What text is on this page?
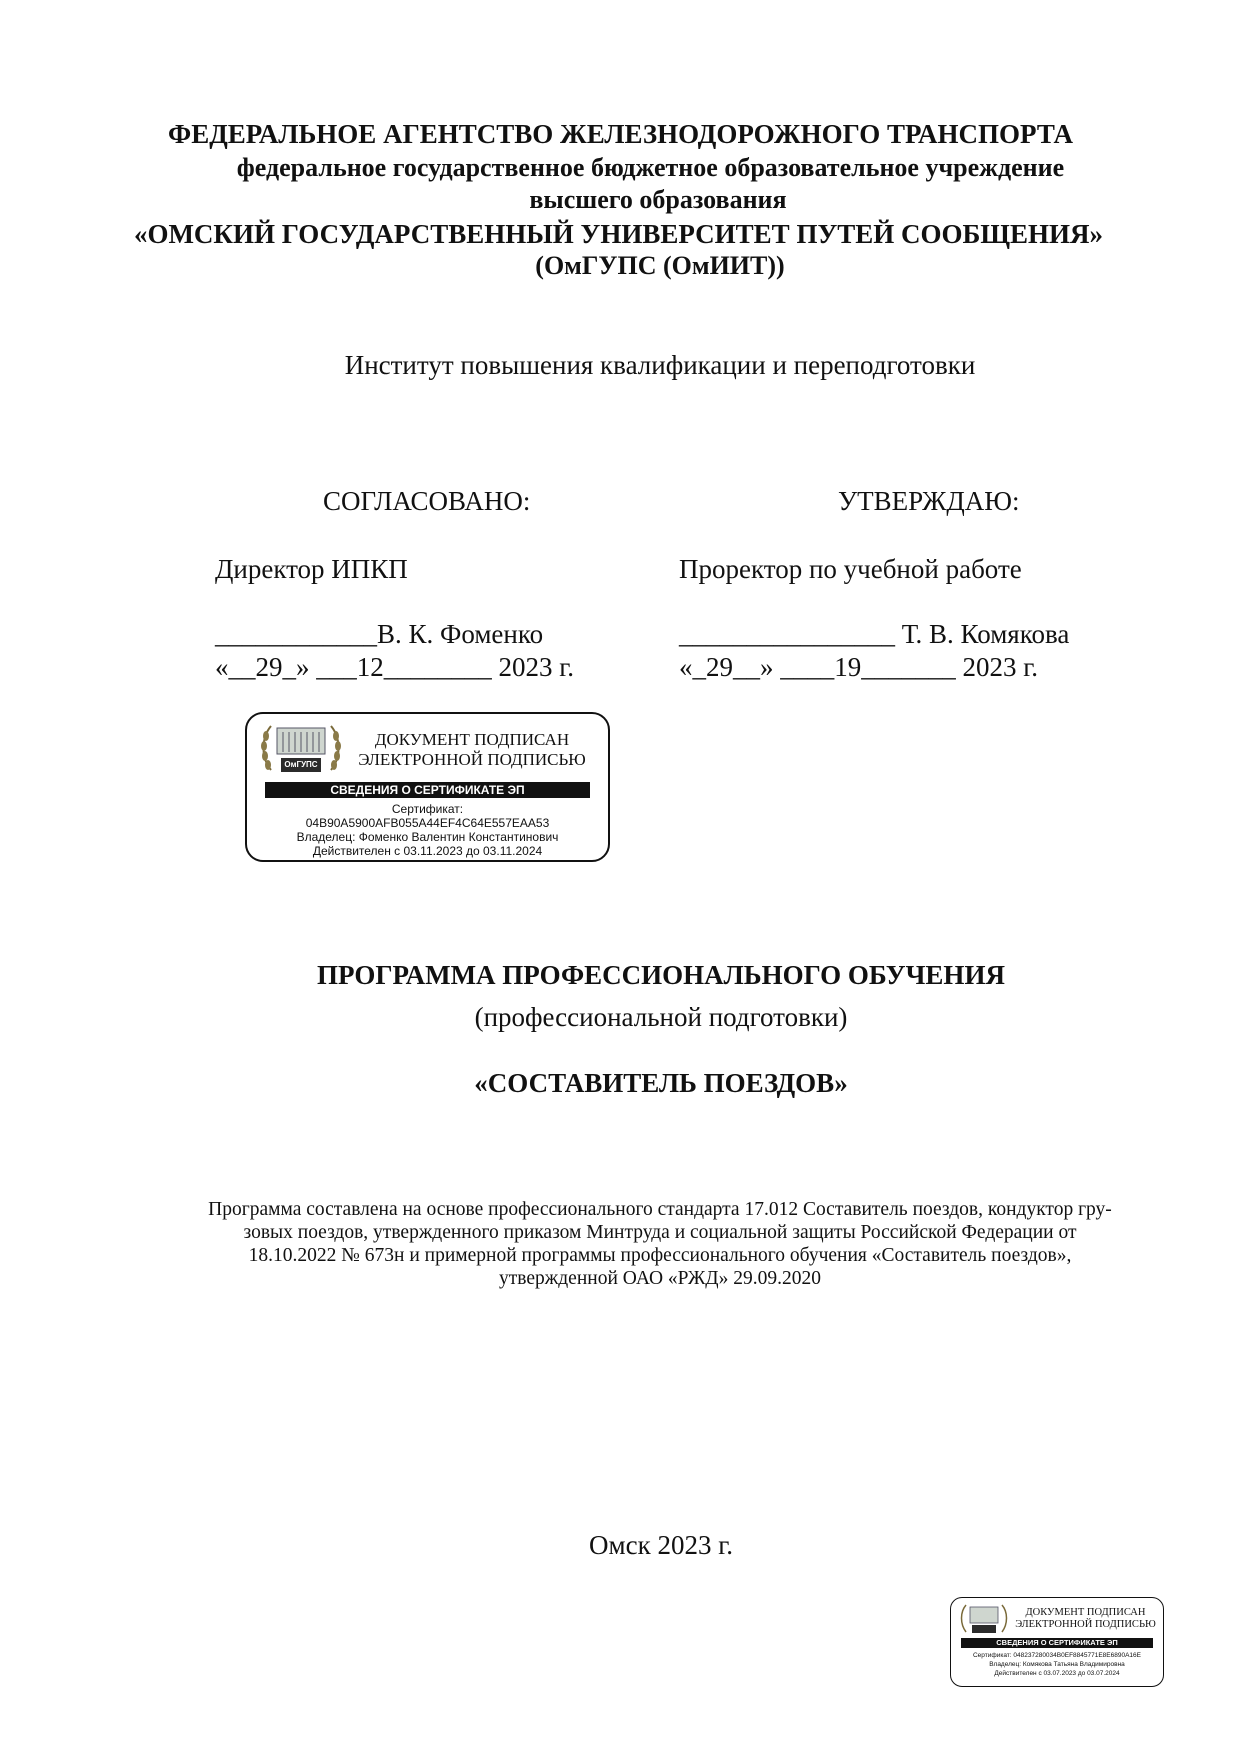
ФЕДЕРАЛЬНОЕ АГЕНТСТВО ЖЕЛЕЗНОДОРОЖНОГО ТРАНСПОРТА
федеральное государственное бюджетное образовательное учреждение
высшего образования
«ОМСКИЙ ГОСУДАРСТВЕННЫЙ УНИВЕРСИТЕТ ПУТЕЙ СООБЩЕНИЯ»
(ОмГУПС (ОмИИТ))
Институт повышения квалификации и переподготовки
СОГЛАСОВАНО:
Директор ИПКП
____________В. К. Фоменко
«__29_» ___12________ 2023 г.
УТВЕРЖДАЮ:
Проректор по учебной работе
________________ Т. В. Комякова
«_29__» ____19_______ 2023 г.
ОмГУПС
ДОКУМЕНТ ПОДПИСАН
ЭЛЕКТРОННОЙ ПОДПИСЬЮ
СВЕДЕНИЯ О СЕРТИФИКАТЕ ЭП
Сертификат:
04B90A5900AFB055A44EF4C64E557EAA53
Владелец: Фоменко Валентин Константинович
Действителен с 03.11.2023 до 03.11.2024
ПРОГРАММА ПРОФЕССИОНАЛЬНОГО ОБУЧЕНИЯ
(профессиональной подготовки)
«СОСТАВИТЕЛЬ ПОЕЗДОВ»
Программа составлена на основе профессионального стандарта 17.012 Составитель поездов, кондуктор гру-
зовых поездов, утвержденного приказом Минтруда и социальной защиты Российской Федерации от
18.10.2022 № 673н и примерной программы профессионального обучения «Составитель поездов»,
утвержденной ОАО «РЖД» 29.09.2020
Омск 2023 г.
ДОКУМЕНТ ПОДПИСАН
ЭЛЕКТРОННОЙ ПОДПИСЬЮ
СВЕДЕНИЯ О СЕРТИФИКАТЕ ЭП
Сертификат: 048237280034B0EF8845771E8E6890A16E
Владелец: Комякова Татьяна Владимировна
Действителен с 03.07.2023 до 03.07.2024
